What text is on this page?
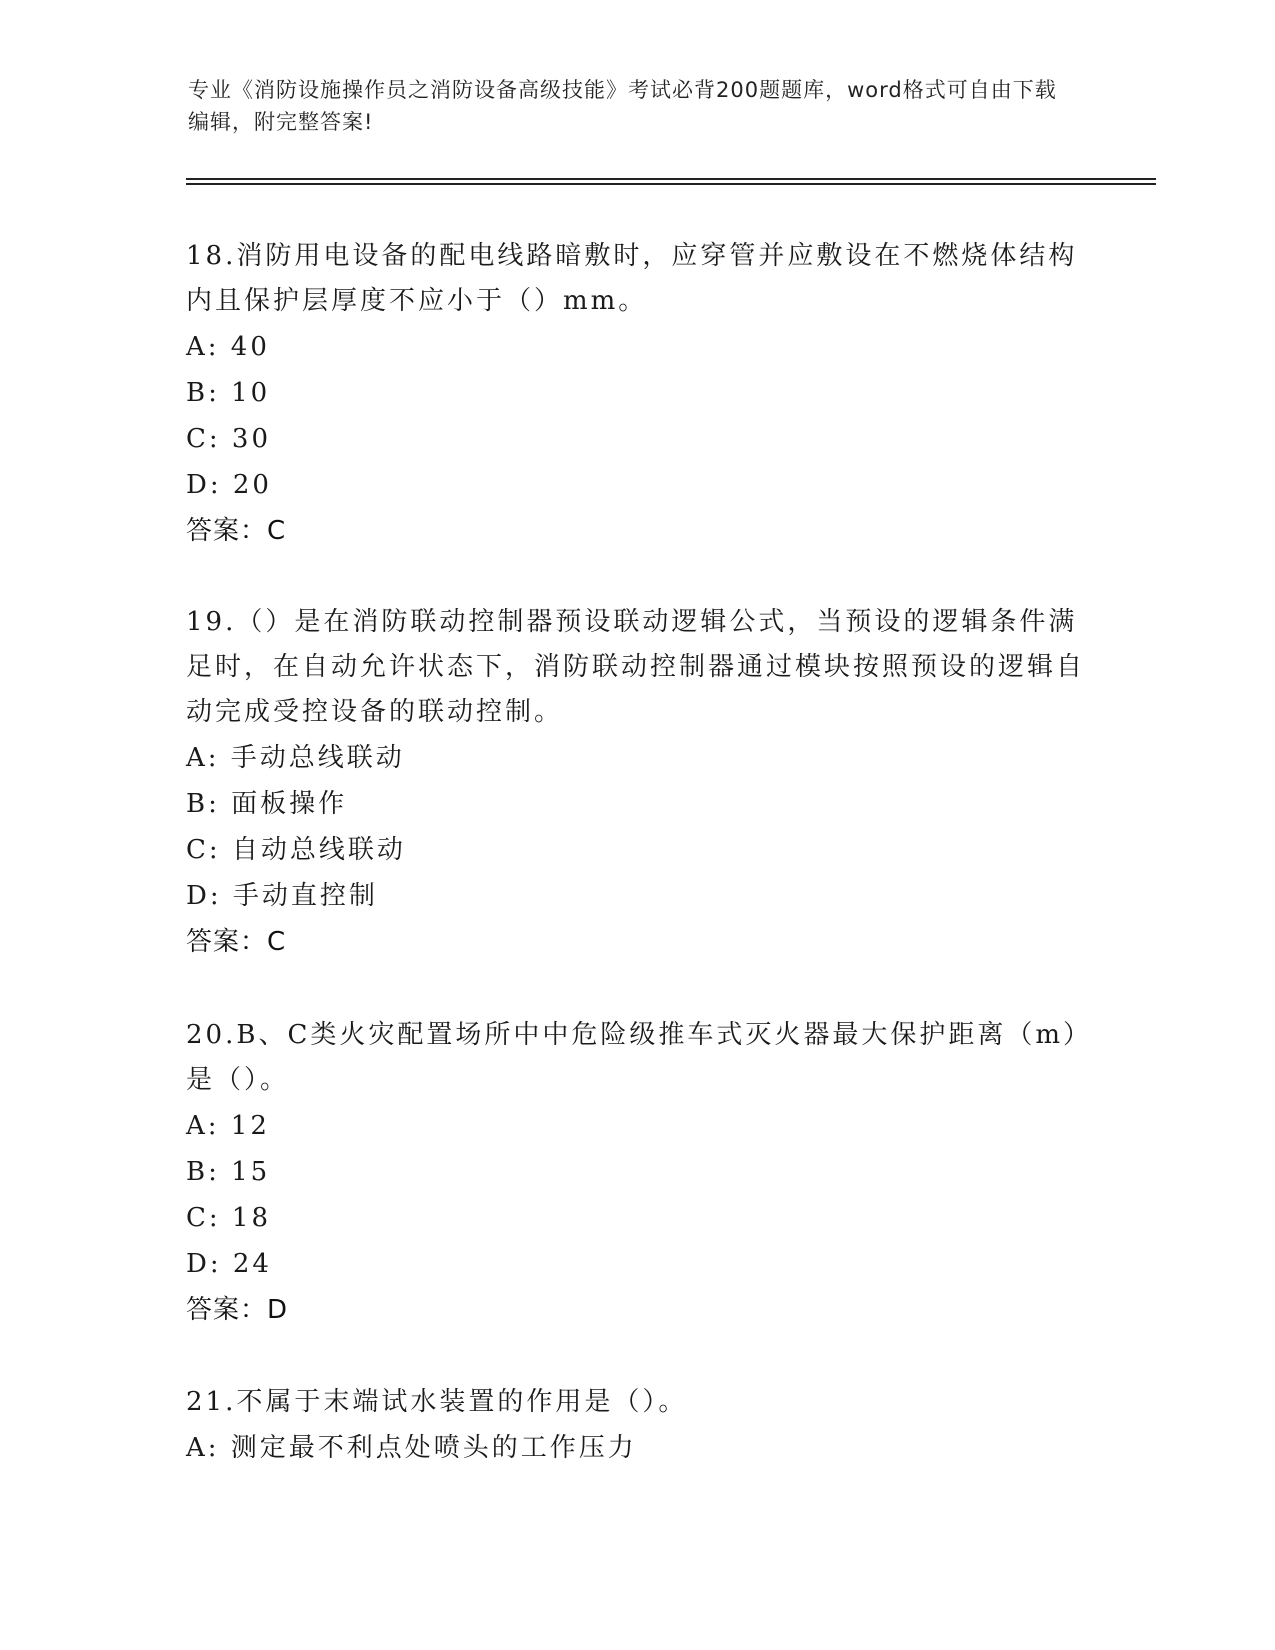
专业《消防设施操作员之消防设备高级技能》考试必背200题题库，word格式可自由下载编辑，附完整答案!

18.消防用电设备的配电线路暗敷时，应穿管并应敷设在不燃烧体结构内且保护层厚度不应小于（）mm。

A: 40

B: 10

C: 30

D: 20

答案：C

19.（）是在消防联动控制器预设联动逻辑公式，当预设的逻辑条件满足时，在自动允许状态下，消防联动控制器通过模块按照预设的逻辑自动完成受控设备的联动控制。

A: 手动总线联动

B: 面板操作

C: 自动总线联动

D: 手动直控制

答案：C

20.B、C类火灾配置场所中中危险级推车式灭火器最大保护距离（m）是（）。

A: 12

B: 15

C: 18

D: 24

答案：D

21.不属于末端试水装置的作用是（）。

A: 测定最不利点处喷头的工作压力
